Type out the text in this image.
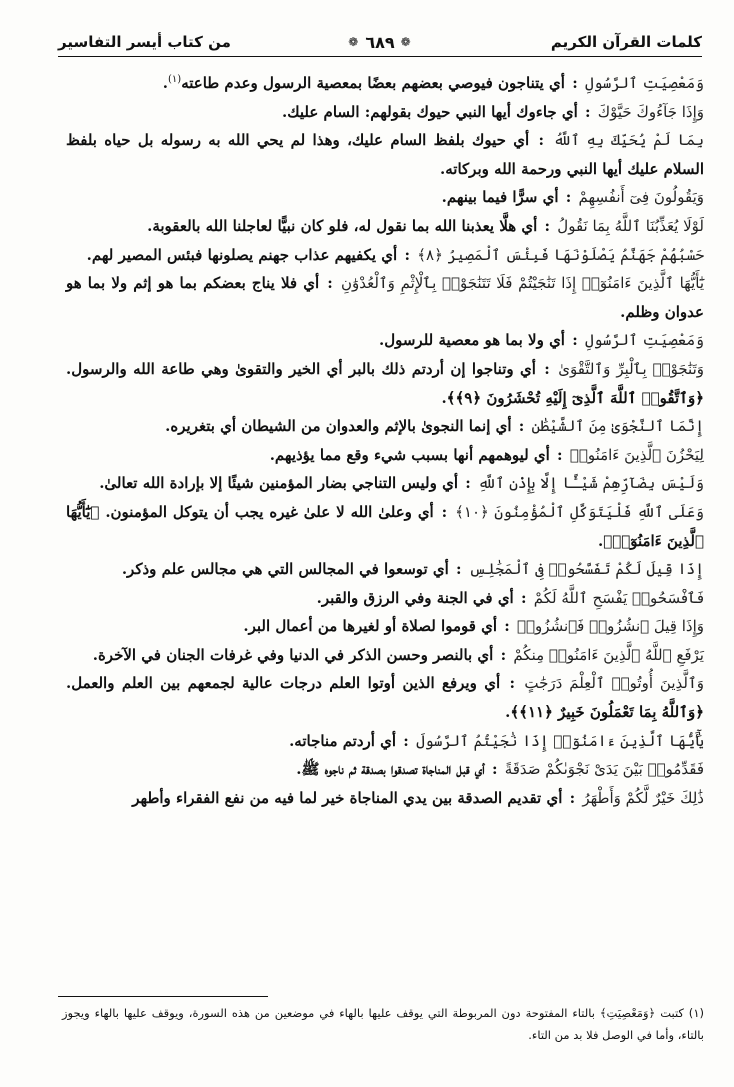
كلمات القرآن الكريم
❁
٦٨٩
❁
من كتاب أيسر التفاسير

وَمَعْصِيَتِ ٱلرَّسُولِ : أي يتناجون فيوصي بعضهم بعضًا بمعصية الرسول وعدم طاعته$^{(١)}$.

وَإِذَا جَآءُوكَ حَيَّوْكَ : أي جاءوك أيها النبي حيوك بقولهم: السام عليك.

بِمَا لَمْ يُحَيِّكَ بِهِ ٱللَّهُ : أي حيوك بلفظ السام عليك، وهذا لم يحي الله به رسوله بل حياه بلفظ السلام عليك أيها النبي ورحمة الله وبركاته.

وَيَقُولُونَ فِىٓ أَنفُسِهِمْ : أي سرًّا فيما بينهم.

لَوْلَا يُعَذِّبُنَا ٱللَّهُ بِمَا نَقُولُ : أي هلَّا يعذبنا الله بما نقول له، فلو كان نبيًّا لعاجلنا الله بالعقوبة.

حَسْبُهُمْ جَهَنَّمُ يَصْلَوْنَهَا فَبِئْسَ ٱلْمَصِيرُ ﴿٨﴾ : أي يكفيهم عذاب جهنم يصلونها فبئس المصير لهم.

يَٰٓأَيُّهَا ٱلَّذِينَ ءَامَنُوٓا۟ إِذَا تَنَٰجَيْتُمْ فَلَا تَتَنَٰجَوْا۟ بِٱلْإِثْمِ وَٱلْعُدْوَٰنِ : أي فلا يناج بعضكم بما هو إثم ولا بما هو عدوان وظلم.

وَمَعْصِيَتِ ٱلرَّسُولِ : أي ولا بما هو معصية للرسول.

وَتَنَٰجَوْا۟ بِٱلْبِرِّ وَٱلتَّقْوَىٰ : أي وتناجوا إن أردتم ذلك بالبر أي الخير والتقوىٰ وهي طاعة الله والرسول. ﴿وَٱتَّقُوا۟ ٱللَّهَ ٱلَّذِىٓ إِلَيْهِ تُحْشَرُونَ ﴿٩﴾﴾.

إِنَّمَا ٱلنَّجْوَىٰ مِنَ ٱلشَّيْطَٰنِ : أي إنما النجوىٰ بالإثم والعدوان من الشيطان أي بتغريره.

لِيَحْزُنَ ٱلَّذِينَ ءَامَنُوا۟ : أي ليوهمهم أنها بسبب شيء وقع مما يؤذيهم.

وَلَيْسَ بِضَآرِّهِمْ شَيْـًٔا إِلَّا بِإِذْنِ ٱللَّهِ : أي وليس التناجي بضار المؤمنين شيئًا إلا بإرادة الله تعالىٰ.

وَعَلَى ٱللَّهِ فَلْيَتَوَكَّلِ ٱلْمُؤْمِنُونَ ﴿١٠﴾ : أي وعلىٰ الله لا علىٰ غيره يجب أن يتوكل المؤمنون. ﴿يَٰٓأَيُّهَا ٱلَّذِينَ ءَامَنُوٓا۟﴾.

إِذَا قِيلَ لَكُمْ تَفَسَّحُوا۟ فِى ٱلْمَجَٰلِسِ : أي توسعوا في المجالس التي هي مجالس علم وذكر.

فَٱفْسَحُوا۟ يَفْسَحِ ٱللَّهُ لَكُمْ : أي في الجنة وفي الرزق والقبر.

وَإِذَا قِيلَ ٱنشُزُوا۟ فَٱنشُزُوا۟ : أي قوموا لصلاة أو لغيرها من أعمال البر.

يَرْفَعِ ٱللَّهُ ٱلَّذِينَ ءَامَنُوا۟ مِنكُمْ : أي بالنصر وحسن الذكر في الدنيا وفي غرفات الجنان في الآخرة.

وَٱلَّذِينَ أُوتُوا۟ ٱلْعِلْمَ دَرَجَٰتٍ : أي ويرفع الذين أوتوا العلم درجات عالية لجمعهم بين العلم والعمل. ﴿وَٱللَّهُ بِمَا تَعْمَلُونَ خَبِيرٌ ﴿١١﴾﴾.

يَٰٓأَيُّهَا ٱلَّذِينَ ءَامَنُوٓا۟ إِذَا نَٰجَيْتُمُ ٱلرَّسُولَ : أي أردتم مناجاته.

فَقَدِّمُوا۟ بَيْنَ يَدَىْ نَجْوَىٰكُمْ صَدَقَةً : أي قبل المناجاة تصدقوا بصدقة ثم ناجوه ﷺ.

ذَٰلِكَ خَيْرٌ لَّكُمْ وَأَطْهَرُ : أي تقديم الصدقة بين يدي المناجاة خير لما فيه من نفع الفقراء وأطهر

(١) كتبت ﴿وَمَعْصِيَتِ﴾ بالتاء المفتوحة دون المربوطة التي يوقف عليها بالهاء في موضعين من هذه السورة، ويوقف عليها بالهاء ويجوز بالتاء، وأما في الوصل فلا بد من التاء.
